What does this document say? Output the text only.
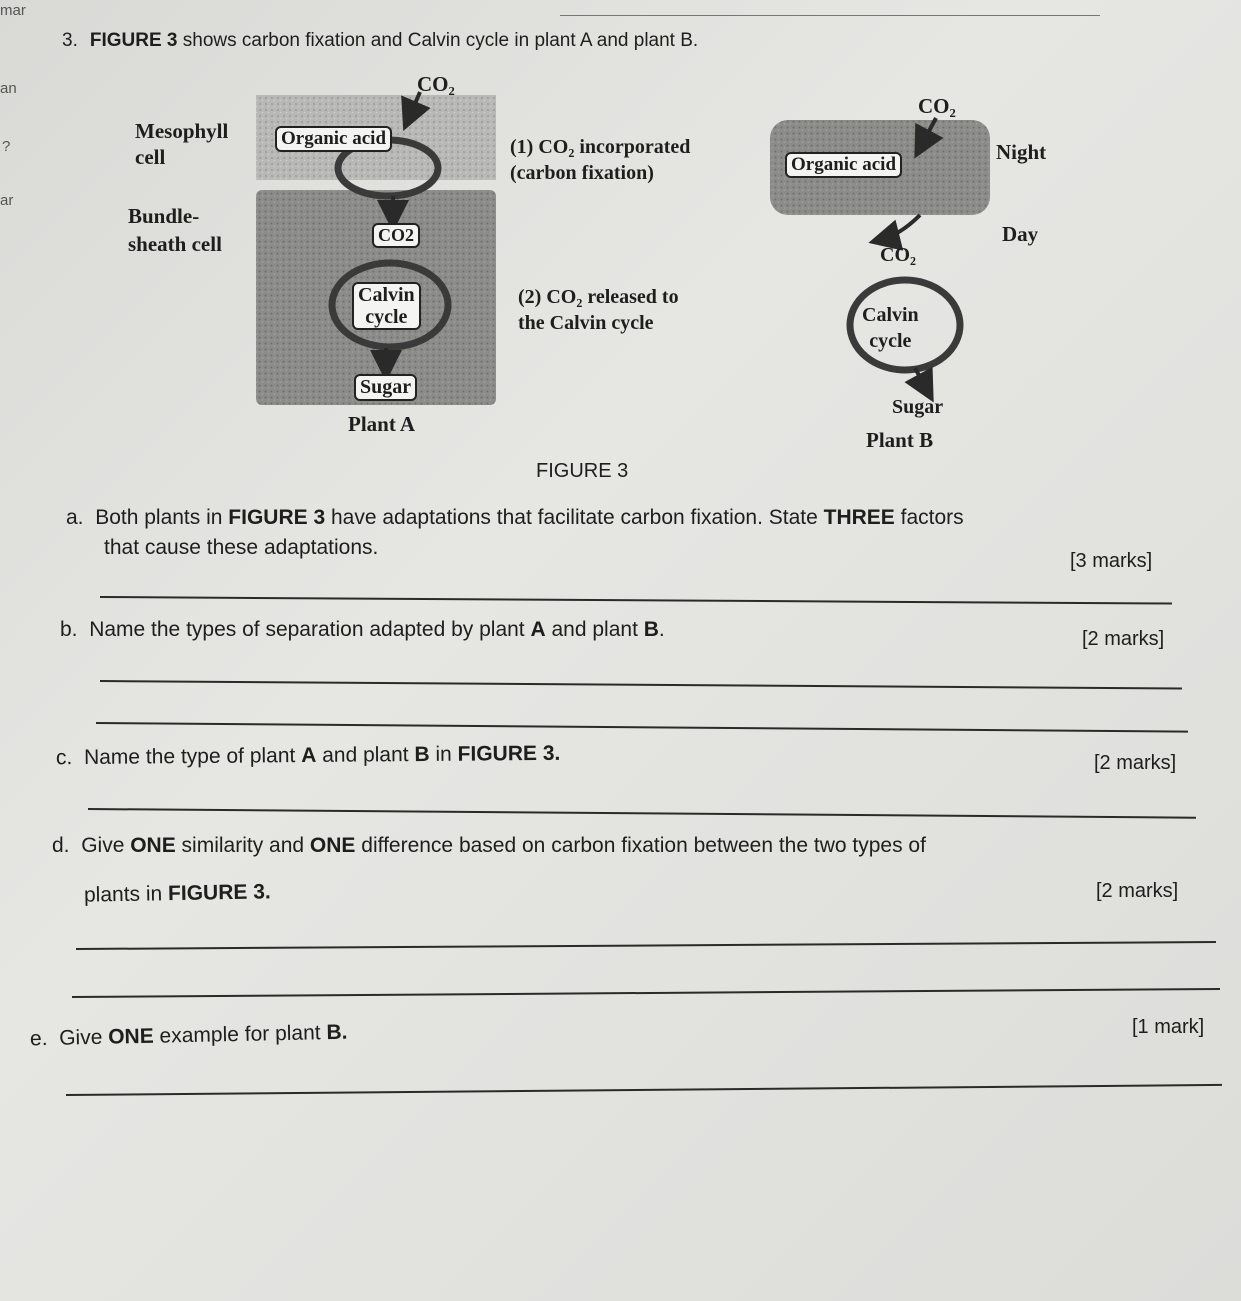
mar
an
?
ar
3. FIGURE 3 shows carbon fixation and Calvin cycle in plant A and plant B.
CO₂
Mesophyll
cell
Bundle-
sheath cell
Organic acid
CO2
Calvin
cycle
Sugar
Plant A
(1) CO₂ incorporated
(carbon fixation)
(2) CO₂ released to
the Calvin cycle
CO₂
Organic acid
Night
Day
CO₂
Calvin
cycle
Sugar
Plant B
FIGURE 3
a. Both plants in FIGURE 3 have adaptations that facilitate carbon fixation. State THREE factors
that cause these adaptations.
[3 marks]
b. Name the types of separation adapted by plant A and plant B.	[2 marks]
c. Name the type of plant A and plant B in FIGURE 3.	[2 marks]
d. Give ONE similarity and ONE difference based on carbon fixation between the two types of
plants in FIGURE 3.	[2 marks]
e. Give ONE example for plant B.	[1 mark]
